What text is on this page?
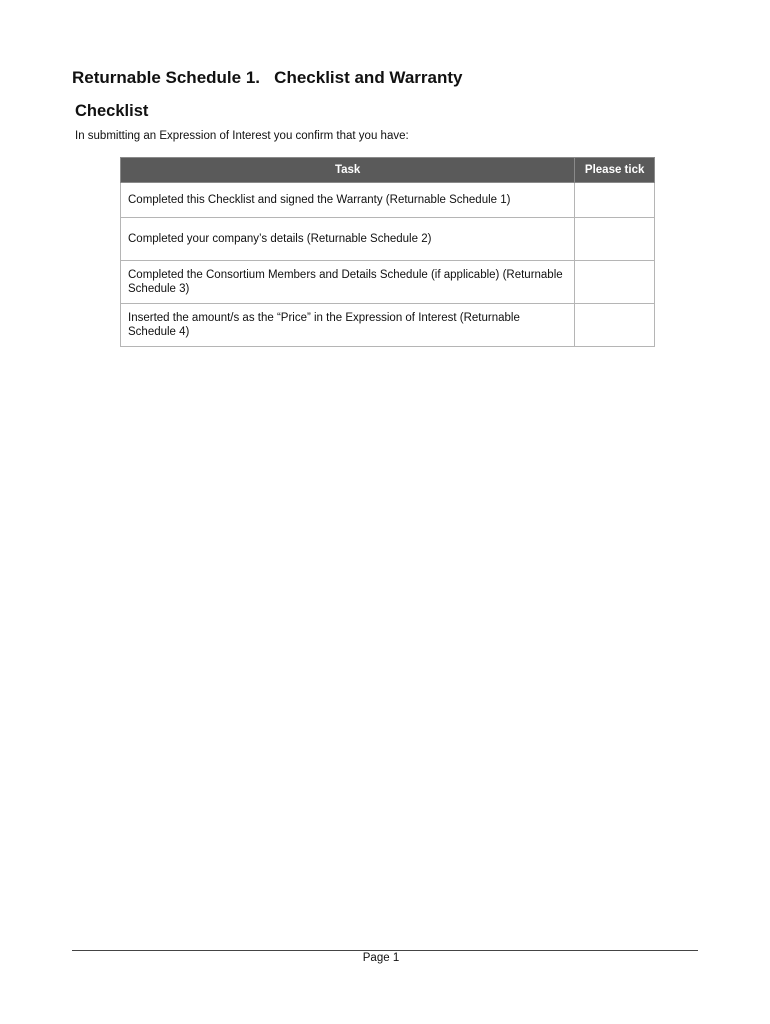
Returnable Schedule 1.   Checklist and Warranty
Checklist

In submitting an Expression of Interest you confirm that you have:

Task	Please tick
Completed this Checklist and signed the Warranty (Returnable Schedule 1)	
Completed your company’s details (Returnable Schedule 2)	
Completed the Consortium Members and Details Schedule (if applicable) (Returnable Schedule 3)	
Inserted the amount/s as the “Price” in the Expression of Interest (Returnable Schedule 4)	
Page 1
